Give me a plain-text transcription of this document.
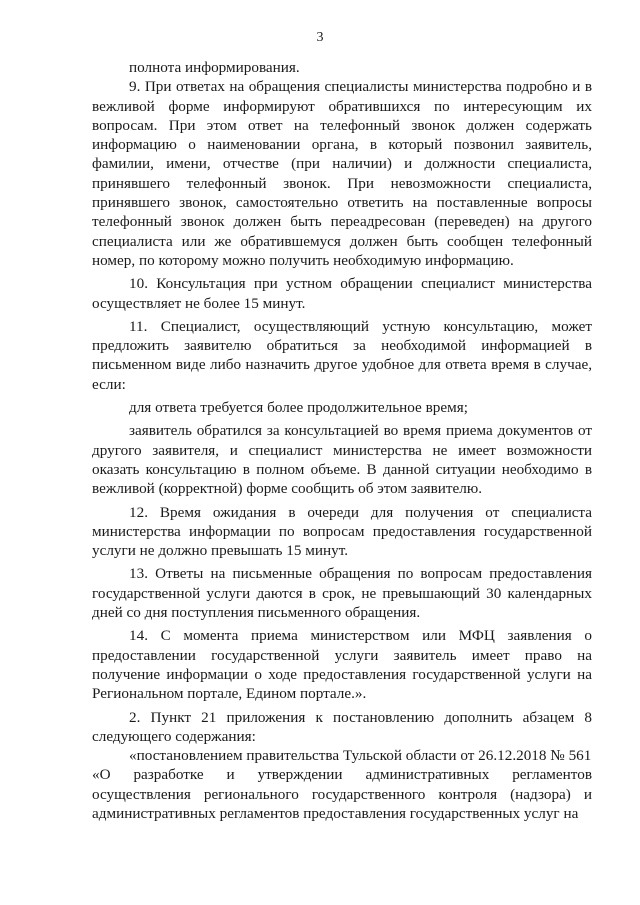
3

полнота информирования.

9. При ответах на обращения специалисты министерства подробно и в вежливой форме информируют обратившихся по интересующим их вопросам. При этом ответ на телефонный звонок должен содержать информацию о наименовании органа, в который позвонил заявитель, фамилии, имени, отчестве (при наличии) и должности специалиста, принявшего телефонный звонок. При невозможности специалиста, принявшего звонок, самостоятельно ответить на поставленные вопросы телефонный звонок должен быть переадресован (переведен) на другого специалиста или же обратившемуся должен быть сообщен телефонный номер, по которому можно получить необходимую информацию.

10. Консультация при устном обращении специалист министерства осуществляет не более 15 минут.

11. Специалист, осуществляющий устную консультацию, может предложить заявителю обратиться за необходимой информацией в письменном виде либо назначить другое удобное для ответа время в случае, если:

для ответа требуется более продолжительное время;

заявитель обратился за консультацией во время приема документов от другого заявителя, и специалист министерства не имеет возможности оказать консультацию в полном объеме. В данной ситуации необходимо в вежливой (корректной) форме сообщить об этом заявителю.

12. Время ожидания в очереди для получения от специалиста министерства информации по вопросам предоставления государственной услуги не должно превышать 15 минут.

13. Ответы на письменные обращения по вопросам предоставления государственной услуги даются в срок, не превышающий 30 календарных дней со дня поступления письменного обращения.

14. С момента приема министерством или МФЦ заявления о предоставлении государственной услуги заявитель имеет право на получение информации о ходе предоставления государственной услуги на Региональном портале, Едином портале.».

2. Пункт 21 приложения к постановлению дополнить абзацем 8 следующего содержания:

«постановлением правительства Тульской области от 26.12.2018 № 561

«О разработке и утверждении административных регламентов осуществления регионального государственного контроля (надзора) и административных регламентов предоставления государственных услуг на
